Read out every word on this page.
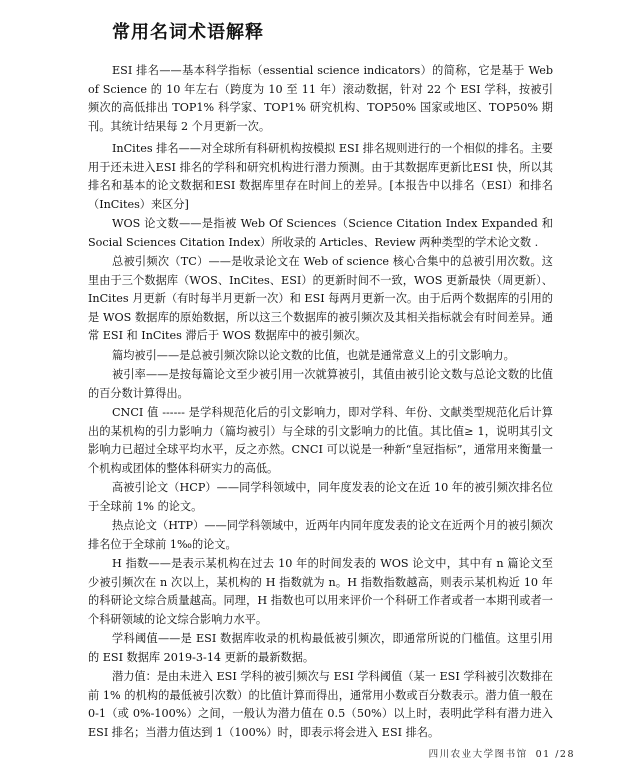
常用名词术语解释

ESI 排名——基本科学指标（essential science indicators）的简称，它是基于 Web of Science 的 10 年左右（跨度为 10 至 11 年）滚动数据，针对 22 个 ESI 学科，按被引频次的高低排出 TOP1% 科学家、TOP1% 研究机构、TOP50% 国家或地区、TOP50% 期刊。其统计结果每 2 个月更新一次。

InCites 排名——对全球所有科研机构按模拟 ESI 排名规则进行的一个相似的排名。主要用于还未进入ESI 排名的学科和研究机构进行潜力预测。由于其数据库更新比ESI 快，所以其排名和基本的论文数据和ESI 数据库里存在时间上的差异。[本报告中以排名（ESI）和排名（InCites）来区分]

WOS 论文数——是指被 Web Of Sciences（Science Citation Index Expanded 和 Social Sciences Citation Index）所收录的 Articles、Review 两种类型的学术论文数 .

总被引频次（TC）——是收录论文在 Web of science 核心合集中的总被引用次数。这里由于三个数据库（WOS、InCites、ESI）的更新时间不一致，WOS 更新最快（周更新）、InCites 月更新（有时每半月更新一次）和 ESI 每两月更新一次。由于后两个数据库的引用的是 WOS 数据库的原始数据，所以这三个数据库的被引频次及其相关指标就会有时间差异。通常 ESI 和 InCites 滞后于 WOS 数据库中的被引频次。

篇均被引——是总被引频次除以论文数的比值，也就是通常意义上的引文影响力。

被引率——是按每篇论文至少被引用一次就算被引，其值由被引论文数与总论文数的比值的百分数计算得出。

CNCI 值 ------ 是学科规范化后的引文影响力，即对学科、年份、文献类型规范化后计算出的某机构的引力影响力（篇均被引）与全球的引文影响力的比值。其比值≥ 1，说明其引文影响力已超过全球平均水平，反之亦然。CNCI 可以说是一种新“皇冠指标”，通常用来衡量一个机构或团体的整体科研实力的高低。

高被引论文（HCP）——同学科领域中，同年度发表的论文在近 10 年的被引频次排名位于全球前 1% 的论文。

热点论文（HTP）——同学科领域中，近两年内同年度发表的论文在近两个月的被引频次排名位于全球前 1‰的论文。

H 指数——是表示某机构在过去 10 年的时间发表的 WOS 论文中，其中有 n 篇论文至少被引频次在 n 次以上，某机构的 H 指数就为 n。H 指数指数越高，则表示某机构近 10 年的科研论文综合质量越高。同理，H 指数也可以用来评价一个科研工作者或者一本期刊或者一个科研领域的论文综合影响力水平。

学科阈值——是 ESI 数据库收录的机构最低被引频次，即通常所说的门槛值。这里引用的 ESI 数据库 2019-3-14 更新的最新数据。

潜力值：是由未进入 ESI 学科的被引频次与 ESI 学科阈值（某一 ESI 学科被引次数排在前 1% 的机构的最低被引次数）的比值计算而得出，通常用小数或百分数表示。潜力值一般在 0-1（或 0%-100%）之间，一般认为潜力值在 0.5（50%）以上时，表明此学科有潜力进入 ESI 排名；当潜力值达到 1（100%）时，即表示将会进入 ESI 排名。

四川农业大学图书馆 01 /28
